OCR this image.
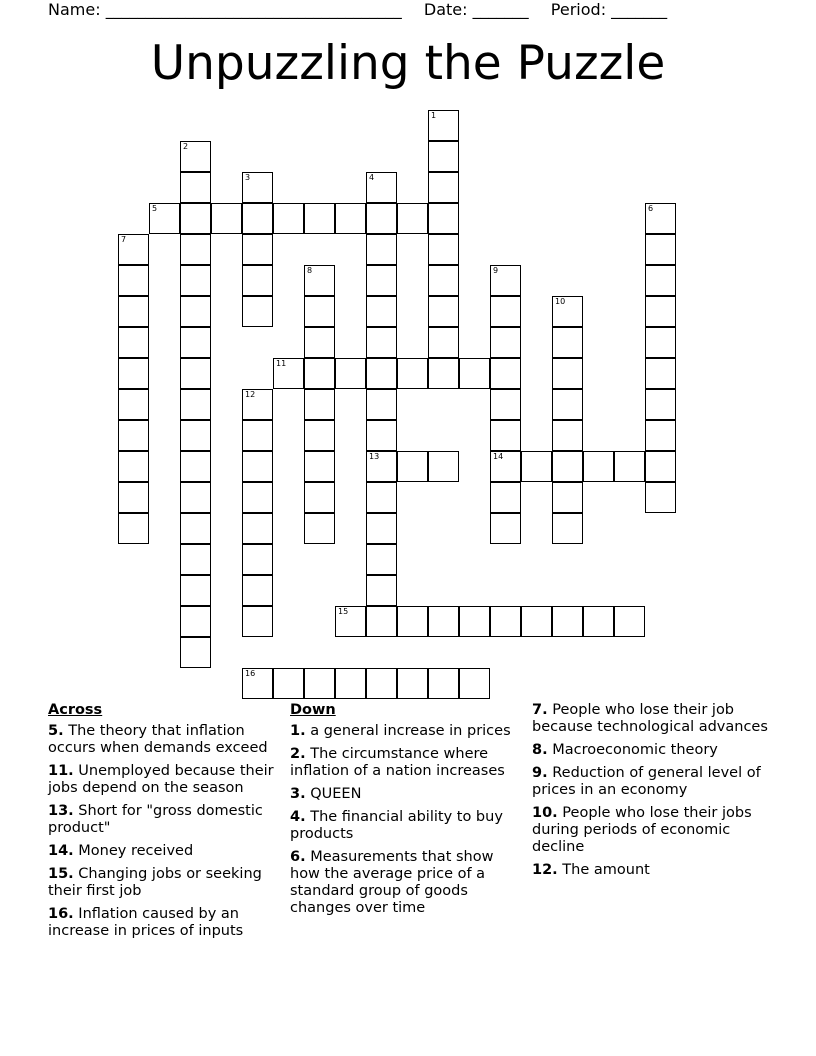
Name: _____________________________________ Date: _______ Period: _______
Unpuzzling the Puzzle
1
2
3	4
13
5	6
7
8	9
14
10
11
12
15
16
Across
5. The theory that inflation occurs when demands exceed
11. Unemployed because their jobs depend on the season
13. Short for "gross domestic product"
14. Money received
15. Changing jobs or seeking their first job
16. Inflation caused by an increase in prices of inputs
Down
1. a general increase in prices
2. The circumstance where inflation of a nation increases
3. QUEEN
4. The financial ability to buy products
6. Measurements that show how the average price of a standard group of goods changes over time
7. People who lose their job because technological advances
8. Macroeconomic theory
9. Reduction of general level of prices in an economy
10. People who lose their jobs during periods of economic decline
12. The amount
